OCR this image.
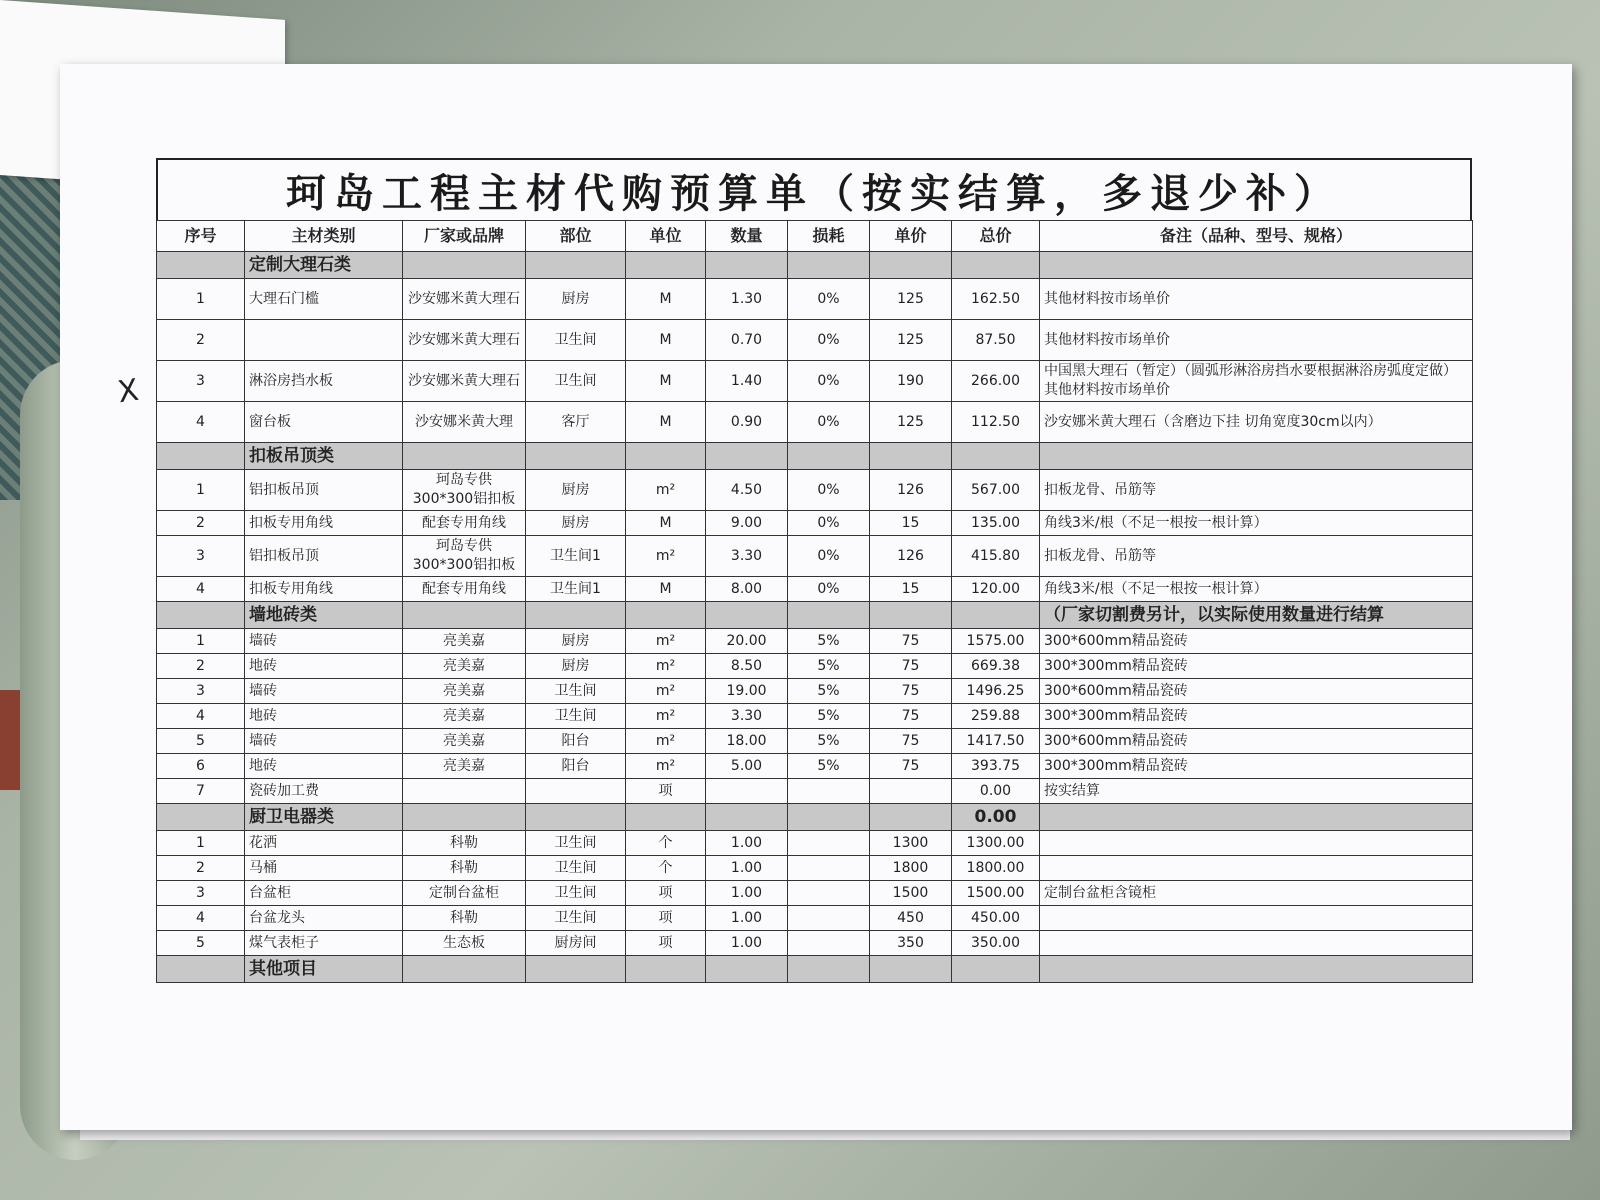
珂岛工程主材代购预算单（按实结算，多退少补）
序号	主材类别	厂家或品牌	部位	单位	数量	损耗	单价	总价	备注（品种、型号、规格）
	定制大理石类								
1	大理石门槛	沙安娜米黄大理石	厨房	M	1.30	0%	125	162.50	其他材料按市场单价
2		沙安娜米黄大理石	卫生间	M	0.70	0%	125	87.50	其他材料按市场单价
3	淋浴房挡水板	沙安娜米黄大理石	卫生间	M	1.40	0%	190	266.00	中国黑大理石（暂定）（圆弧形淋浴房挡水要根据淋浴房弧度定做）其他材料按市场单价
4	窗台板	沙安娜米黄大理	客厅	M	0.90	0%	125	112.50	沙安娜米黄大理石（含磨边下挂 切角宽度30cm以内）
	扣板吊顶类								
1	铝扣板吊顶	珂岛专供300*300铝扣板	厨房	m²	4.50	0%	126	567.00	扣板龙骨、吊筋等
2	扣板专用角线	配套专用角线	厨房	M	9.00	0%	15	135.00	角线3米/根（不足一根按一根计算）
3	铝扣板吊顶	珂岛专供300*300铝扣板	卫生间1	m²	3.30	0%	126	415.80	扣板龙骨、吊筋等
4	扣板专用角线	配套专用角线	卫生间1	M	8.00	0%	15	120.00	角线3米/根（不足一根按一根计算）
	墙地砖类								（厂家切割费另计，以实际使用数量进行结算
1	墙砖	亮美嘉	厨房	m²	20.00	5%	75	1575.00	300*600mm精品瓷砖
2	地砖	亮美嘉	厨房	m²	8.50	5%	75	669.38	300*300mm精品瓷砖
3	墙砖	亮美嘉	卫生间	m²	19.00	5%	75	1496.25	300*600mm精品瓷砖
4	地砖	亮美嘉	卫生间	m²	3.30	5%	75	259.88	300*300mm精品瓷砖
5	墙砖	亮美嘉	阳台	m²	18.00	5%	75	1417.50	300*600mm精品瓷砖
6	地砖	亮美嘉	阳台	m²	5.00	5%	75	393.75	300*300mm精品瓷砖
7	瓷砖加工费			项				0.00	按实结算
	厨卫电器类							0.00	
1	花洒	科勒	卫生间	个	1.00		1300	1300.00	
2	马桶	科勒	卫生间	个	1.00		1800	1800.00	
3	台盆柜	定制台盆柜	卫生间	项	1.00		1500	1500.00	定制台盆柜含镜柜
4	台盆龙头	科勒	卫生间	项	1.00		450	450.00	
5	煤气表柜子	生态板	厨房间	项	1.00		350	350.00	
	其他项目								
X
